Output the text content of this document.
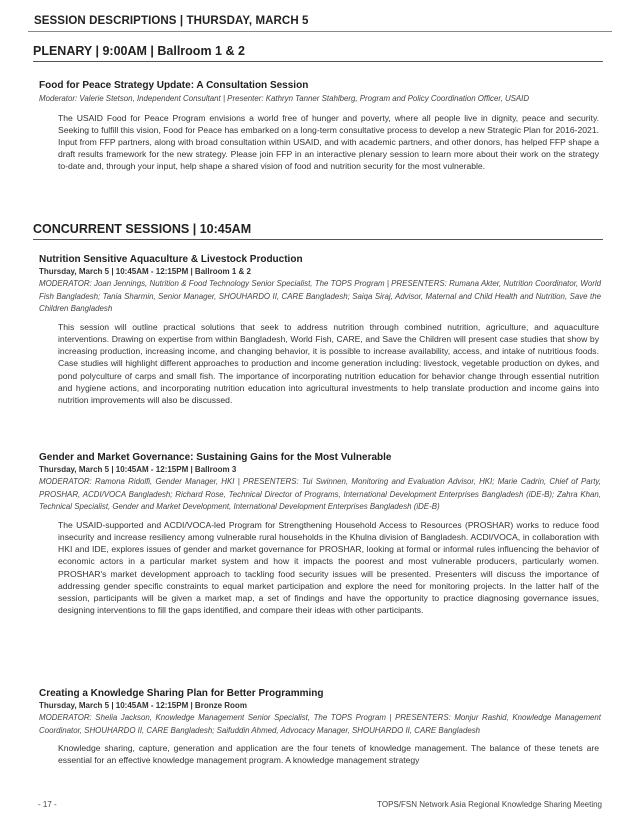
SESSION DESCRIPTIONS | THURSDAY, MARCH 5
PLENARY | 9:00AM | Ballroom 1 & 2
Food for Peace Strategy Update: A Consultation Session
Moderator: Valerie Stetson, Independent Consultant | Presenter: Kathryn Tanner Stahlberg, Program and Policy Coordination Officer, USAID
The USAID Food for Peace Program envisions a world free of hunger and poverty, where all people live in dignity, peace and security. Seeking to fulfill this vision, Food for Peace has embarked on a long-term consultative process to develop a new Strategic Plan for 2016-2021. Input from FFP partners, along with broad consultation within USAID, and with academic partners, and other donors, has helped FFP shape a draft results framework for the new strategy. Please join FFP in an interactive plenary session to learn more about their work on the strategy to-date and, through your input, help shape a shared vision of food and nutrition security for the most vulnerable.
CONCURRENT SESSIONS | 10:45AM
Nutrition Sensitive Aquaculture & Livestock Production
Thursday, March 5 | 10:45AM - 12:15PM | Ballroom 1 & 2
MODERATOR: Joan Jennings, Nutrition & Food Technology Senior Specialist, The TOPS Program | PRESENTERS: Rumana Akter, Nutrition Coordinator, World Fish Bangladesh; Tania Sharmin, Senior Manager, SHOUHARDO II, CARE Bangladesh; Saiqa Siraj, Advisor, Maternal and Child Health and Nutrition, Save the Children Bangladesh
This session will outline practical solutions that seek to address nutrition through combined nutrition, agriculture, and aquaculture interventions. Drawing on expertise from within Bangladesh, World Fish, CARE, and Save the Children will present case studies that show by increasing production, increasing income, and changing behavior, it is possible to increase availability, access, and intake of nutritious foods. Case studies will highlight different approaches to production and income generation including: livestock, vegetable production on dykes, and pond polyculture of carps and small fish. The importance of incorporating nutrition education for behavior change through essential nutrition and hygiene actions, and incorporating nutrition education into agricultural investments to help translate production and income gains into nutrition improvements will also be discussed.
Gender and Market Governance: Sustaining Gains for the Most Vulnerable
Thursday, March 5 | 10:45AM - 12:15PM | Ballroom 3
MODERATOR: Ramona Ridolfi, Gender Manager, HKI | PRESENTERS: Tui Swinnen, Monitoring and Evaluation Advisor, HKI; Marie Cadrin, Chief of Party, PROSHAR, ACDI/VOCA Bangladesh; Richard Rose, Technical Director of Programs, International Development Enterprises Bangladesh (iDE-B); Zahra Khan, Technical Specialist, Gender and Market Development, International Development Enterprises Bangladesh (iDE-B)
The USAID-supported and ACDI/VOCA-led Program for Strengthening Household Access to Resources (PROSHAR) works to reduce food insecurity and increase resiliency among vulnerable rural households in the Khulna division of Bangladesh. ACDI/VOCA, in collaboration with HKI and IDE, explores issues of gender and market governance for PROSHAR, looking at formal or informal rules influencing the behavior of economic actors in a particular market system and how it impacts the poorest and most vulnerable producers, particularly women. PROSHAR's market development approach to tackling food security issues will be presented. Presenters will discuss the importance of addressing gender specific constraints to equal market participation and explore the need for monitoring projects. In the latter half of the session, participants will be given a market map, a set of findings and have the opportunity to practice diagnosing governance issues, designing interventions to fill the gaps identified, and compare their ideas with other participants.
Creating a Knowledge Sharing Plan for Better Programming
Thursday, March 5 | 10:45AM - 12:15PM | Bronze Room
MODERATOR: Shelia Jackson, Knowledge Management Senior Specialist, The TOPS Program | PRESENTERS: Monjur Rashid, Knowledge Management Coordinator, SHOUHARDO II, CARE Bangladesh; Saifuddin Ahmed, Advocacy Manager, SHOUHARDO II, CARE Bangladesh
Knowledge sharing, capture, generation and application are the four tenets of knowledge management. The balance of these tenets are essential for an effective knowledge management program. A knowledge management strategy
- 17 -	TOPS/FSN Network Asia Regional Knowledge Sharing Meeting
